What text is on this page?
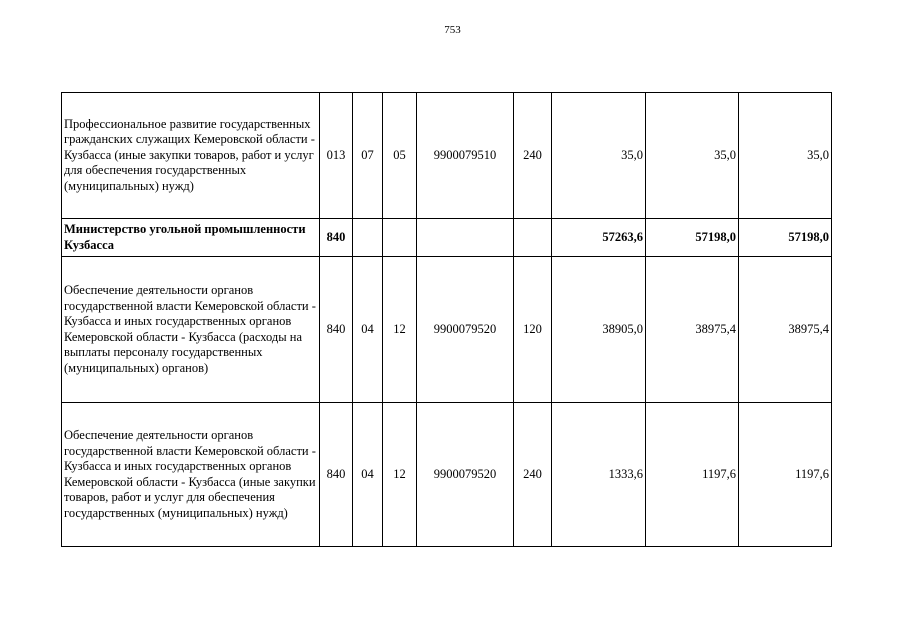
753
Профессиональное развитие государственных гражданских служащих Кемеровской области - Кузбасса (иные закупки товаров, работ и услуг для обеспечения государственных (муниципальных) нужд)	013	07	05	9900079510	240	35,0	35,0	35,0
Министерство угольной промышленности Кузбасса	840					57263,6	57198,0	57198,0
Обеспечение деятельности органов государственной власти Кемеровской области - Кузбасса и иных государственных органов Кемеровской области - Кузбасса (расходы на выплаты персоналу государственных (муниципальных) органов)	840	04	12	9900079520	120	38905,0	38975,4	38975,4
Обеспечение деятельности органов государственной власти Кемеровской области - Кузбасса и иных государственных органов Кемеровской области - Кузбасса (иные закупки товаров, работ и услуг для обеспечения государственных (муниципальных) нужд)	840	04	12	9900079520	240	1333,6	1197,6	1197,6
